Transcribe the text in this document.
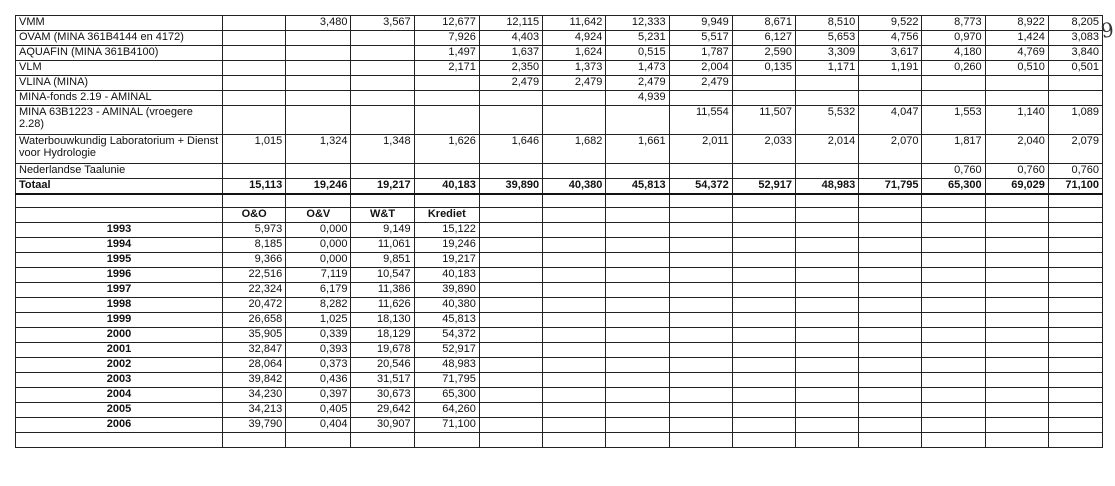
VMM		3,480	3,567	12,677	12,115	11,642	12,333	9,949	8,671	8,510	9,522	8,773	8,922	8,205
OVAM (MINA 361B4144 en 4172)				7,926	4,403	4,924	5,231	5,517	6,127	5,653	4,756	0,970	1,424	3,083
AQUAFIN (MINA 361B4100)				1,497	1,637	1,624	0,515	1,787	2,590	3,309	3,617	4,180	4,769	3,840
VLM				2,171	2,350	1,373	1,473	2,004	0,135	1,171	1,191	0,260	0,510	0,501
VLINA (MINA)					2,479	2,479	2,479	2,479						
MINA-fonds 2.19 - AMINAL							4,939							
MINA 63B1223 - AMINAL (vroegere 2.28)								11,554	11,507	5,532	4,047	1,553	1,140	1,089
Waterbouwkundig Laboratorium + Dienst voor Hydrologie	1,015	1,324	1,348	1,626	1,646	1,682	1,661	2,011	2,033	2,014	2,070	1,817	2,040	2,079
Nederlandse Taalunie												0,760	0,760	0,760
Totaal	15,113	19,246	19,217	40,183	39,890	40,380	45,813	54,372	52,917	48,983	71,795	65,300	69,029	71,100

	O&O	O&V	W&T	Krediet										
1993	5,973	0,000	9,149	15,122										
1994	8,185	0,000	11,061	19,246										
1995	9,366	0,000	9,851	19,217										
1996	22,516	7,119	10,547	40,183										
1997	22,324	6,179	11,386	39,890										
1998	20,472	8,282	11,626	40,380										
1999	26,658	1,025	18,130	45,813										
2000	35,905	0,339	18,129	54,372										
2001	32,847	0,393	19,678	52,917										
2002	28,064	0,373	20,546	48,983										
2003	39,842	0,436	31,517	71,795										
2004	34,230	0,397	30,673	65,300										
2005	34,213	0,405	29,642	64,260										
2006	39,790	0,404	30,907	71,100										

9
